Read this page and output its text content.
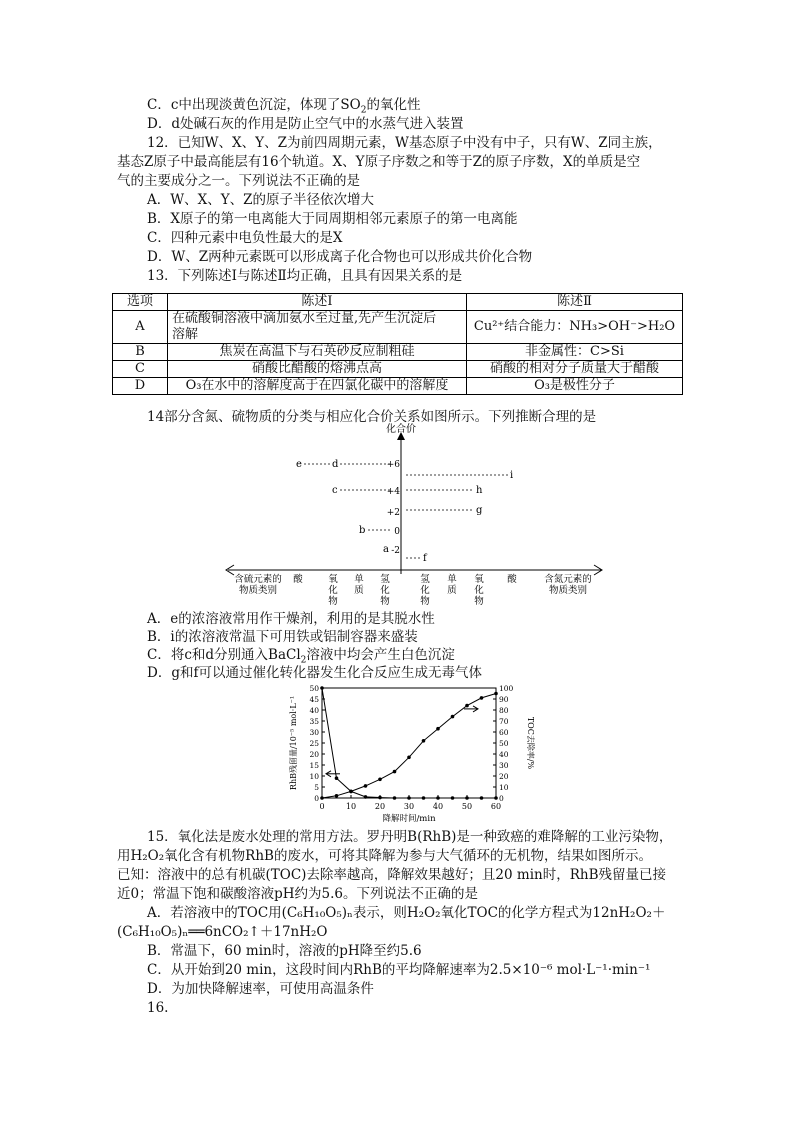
C．c中出现淡黄色沉淀，体现了$SO_2$的氧化性
D．d处碱石灰的作用是防止空气中的水蒸气进入装置
12．已知W、X、Y、Z为前四周期元素，W基态原子中没有中子，只有W、Z同主族，
基态Z原子中最高能层有16个轨道。X、Y原子序数之和等于Z的原子序数，X的单质是空
气的主要成分之一。下列说法不正确的是
A．W、X、Y、Z的原子半径依次增大
B．X原子的第一电离能大于同周期相邻元素原子的第一电离能
C．四种元素中电负性最大的是X
D．W、Z两种元素既可以形成离子化合物也可以形成共价化合物
13．下列陈述Ⅰ与陈述Ⅱ均正确，且具有因果关系的是
选项	陈述Ⅰ	陈述Ⅱ
A	在硫酸铜溶液中滴加氨水至过量,先产生沉淀后
溶解	Cu²⁺结合能力：NH₃>OH⁻>H₂O
B	焦炭在高温下与石英砂反应制粗硅	非金属性：C>Si
C	硝酸比醋酸的熔沸点高	硝酸的相对分子质量大于醋酸
D	O₃在水中的溶解度高于在四氯化碳中的溶解度	O₃是极性分子
14部分含氮、硫物质的分类与相应化合价关系如图所示。下列推断合理的是
化合价
+6
+4
+2
0
-2
e	d
c
b
a
i
h
g
f
含硫元素的
物质类别
酸	氧
化
物
单
质
氢
化
物
氢
化
物
单
质
氧
化
物
酸	含氮元素的
物质类别
A．e的浓溶液常用作干燥剂，利用的是其脱水性
B．i的浓溶液常温下可用铁或铝制容器来盛装
C．将c和d分别通入BaCl$_2$溶液中均会产生白色沉淀
D．g和f可以通过催化转化器发生化合反应生成无毒气体
0	10 20 30 40 50 60
0
5
10
15
20
25
30
35
40
45
50
0
10
20
30
40
50
60
70
80
90
100
降解时间/min
RhB残留量/10⁻⁵ mol·L⁻¹	TOC去除率/%
15．氧化法是废水处理的常用方法。罗丹明B(RhB)是一种致癌的难降解的工业污染物，
用H₂O₂氧化含有机物RhB的废水，可将其降解为参与大气循环的无机物，结果如图所示。
已知：溶液中的总有机碳(TOC)去除率越高，降解效果越好；且20 min时，RhB残留量已接
近0；常温下饱和碳酸溶液pH约为5.6。下列说法不正确的是
A．若溶液中的TOC用(C₆H₁₀O₅)ₙ表示，则H₂O₂氧化TOC的化学方程式为12nH₂O₂＋
(C₆H₁₀O₅)ₙ══6nCO₂↑＋17nH₂O
B．常温下，60 min时，溶液的pH降至约5.6
C．从开始到20 min，这段时间内RhB的平均降解速率为2.5×10⁻⁶ mol·L⁻¹·min⁻¹
D．为加快降解速率，可使用高温条件
16.
